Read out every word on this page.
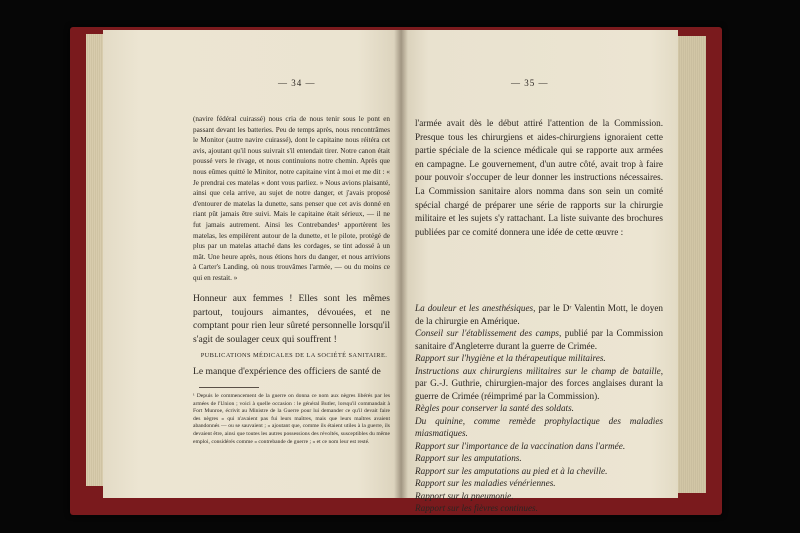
— 34 —
(navire fédéral cuirassé) nous cria de nous tenir sous le pont en passant devant les batteries. Peu de temps après, nous rencontrâmes le Monitor (autre navire cuirassé), dont le capitaine nous réitéra cet avis, ajoutant qu'il nous suivrait s'il entendait tirer. Notre canon était poussé vers le rivage, et nous continuions notre chemin. Après que nous eûmes quitté le Minitor, notre capitaine vint à moi et me dit : « Je prendrai ces matelas « dont vous parliez. » Nous avions plaisanté, ainsi que cela arrive, au sujet de notre danger, et j'avais proposé d'entourer de matelas la dunette, sans penser que cet avis donné en riant pût jamais être suivi. Mais le capitaine était sérieux, — il ne fut jamais autrement. Ainsi les Contrebandes¹ apportèrent les matelas, les empilèrent autour de la dunette, et le pilote, protégé de plus par un matelas attaché dans les cordages, se tint adossé à un mât. Une heure après, nous étions hors du danger, et nous arrivions à Carter's Landing, où nous trouvâmes l'armée, — ou du moins ce qui en restait. »
Honneur aux femmes ! Elles sont les mêmes partout, toujours aimantes, dévouées, et ne comptant pour rien leur sûreté personnelle lorsqu'il s'agit de soulager ceux qui souffrent !
PUBLICATIONS MÉDICALES DE LA SOCIÉTÉ SANITAIRE.
Le manque d'expérience des officiers de santé de
¹ Depuis le commencement de la guerre on donna ce nom aux nègres libérés par les armées de l'Union ; voici à quelle occasion : le général Butler, lorsqu'il commandait à Fort Munroe, écrivit au Ministre de la Guerre pour lui demander ce qu'il devait faire des nègres « qui n'avaient pas fui leurs maîtres, mais que leurs maîtres avaient abandonnés — ou se sauvaient ; » ajoutant que, comme ils étaient utiles à la guerre, ils devaient être, ainsi que toutes les autres possessions des révoltés, susceptibles du même emploi, considérés comme « contrebande de guerre ; » et ce nom leur est resté.
— 35 —
l'armée avait dès le début attiré l'attention de la Commission. Presque tous les chirurgiens et aides-chirurgiens ignoraient cette partie spéciale de la science médicale qui se rapporte aux armées en campagne. Le gouvernement, d'un autre côté, avait trop à faire pour pouvoir s'occuper de leur donner les instructions nécessaires. La Commission sanitaire alors nomma dans son sein un comité spécial chargé de préparer une série de rapports sur la chirurgie militaire et les sujets s'y rattachant. La liste suivante des brochures publiées par ce comité donnera une idée de cette œuvre :
La douleur et les anesthésiques, par le Dʳ Valentin Mott, le doyen de la chirurgie en Amérique.
Conseil sur l'établissement des camps, publié par la Commission sanitaire d'Angleterre durant la guerre de Crimée.
Rapport sur l'hygiène et la thérapeutique militaires.
Instructions aux chirurgiens militaires sur le champ de bataille, par G.-J. Guthrie, chirurgien-major des forces anglaises durant la guerre de Crimée (réimprimé par la Commission).
Règles pour conserver la santé des soldats.
Du quinine, comme remède prophylactique des maladies miasmatiques.
Rapport sur l'importance de la vaccination dans l'armée.
Rapport sur les amputations.
Rapport sur les amputations au pied et à la cheville.
Rapport sur les maladies vénériennes.
Rapport sur la pneumonie.
Rapport sur les fièvres continues.
